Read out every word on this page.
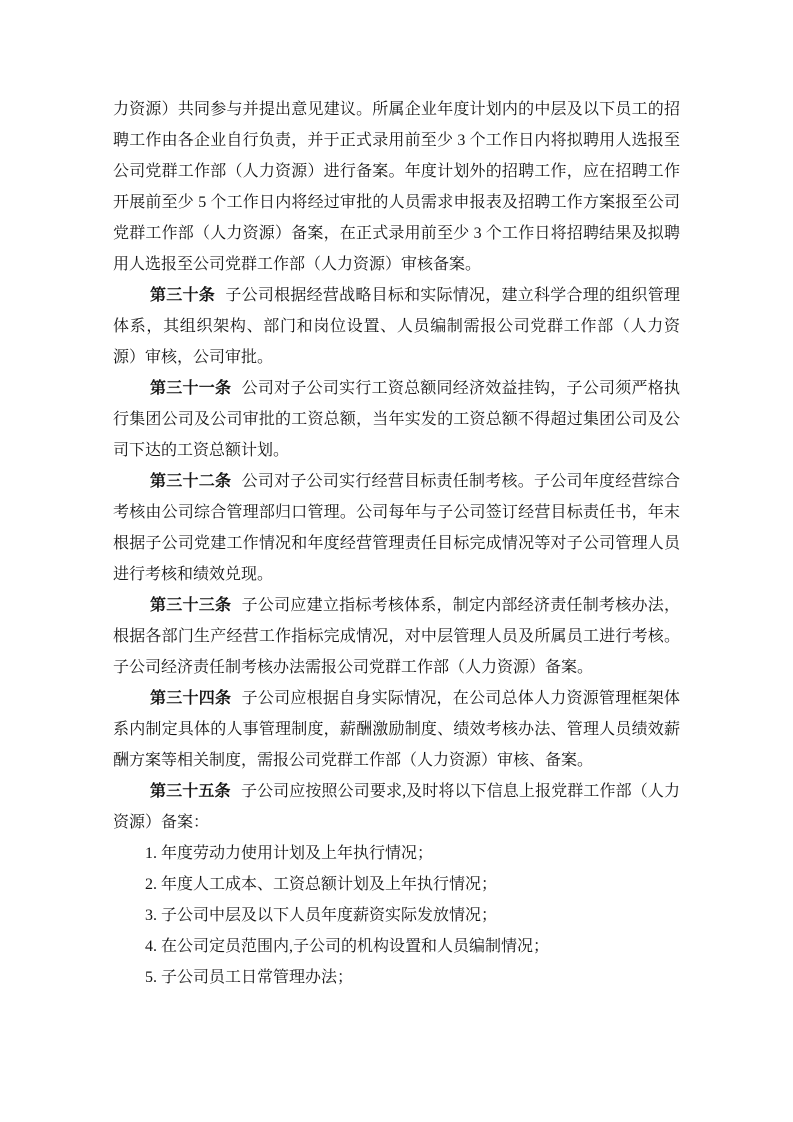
力资源）共同参与并提出意见建议。所属企业年度计划内的中层及以下员工的招聘工作由各企业自行负责，并于正式录用前至少 3 个工作日内将拟聘用人选报至公司党群工作部（人力资源）进行备案。年度计划外的招聘工作，应在招聘工作开展前至少 5 个工作日内将经过审批的人员需求申报表及招聘工作方案报至公司党群工作部（人力资源）备案，在正式录用前至少 3 个工作日将招聘结果及拟聘用人选报至公司党群工作部（人力资源）审核备案。

第三十条 子公司根据经营战略目标和实际情况，建立科学合理的组织管理体系，其组织架构、部门和岗位设置、人员编制需报公司党群工作部（人力资源）审核，公司审批。

第三十一条 公司对子公司实行工资总额同经济效益挂钩，子公司须严格执行集团公司及公司审批的工资总额，当年实发的工资总额不得超过集团公司及公司下达的工资总额计划。

第三十二条 公司对子公司实行经营目标责任制考核。子公司年度经营综合考核由公司综合管理部归口管理。公司每年与子公司签订经营目标责任书，年末根据子公司党建工作情况和年度经营管理责任目标完成情况等对子公司管理人员进行考核和绩效兑现。

第三十三条 子公司应建立指标考核体系，制定内部经济责任制考核办法，根据各部门生产经营工作指标完成情况，对中层管理人员及所属员工进行考核。子公司经济责任制考核办法需报公司党群工作部（人力资源）备案。

第三十四条 子公司应根据自身实际情况，在公司总体人力资源管理框架体系内制定具体的人事管理制度，薪酬激励制度、绩效考核办法、管理人员绩效薪酬方案等相关制度，需报公司党群工作部（人力资源）审核、备案。

第三十五条 子公司应按照公司要求,及时将以下信息上报党群工作部（人力资源）备案：

1. 年度劳动力使用计划及上年执行情况；

2. 年度人工成本、工资总额计划及上年执行情况；

3. 子公司中层及以下人员年度薪资实际发放情况；

4. 在公司定员范围内,子公司的机构设置和人员编制情况；

5. 子公司员工日常管理办法；
